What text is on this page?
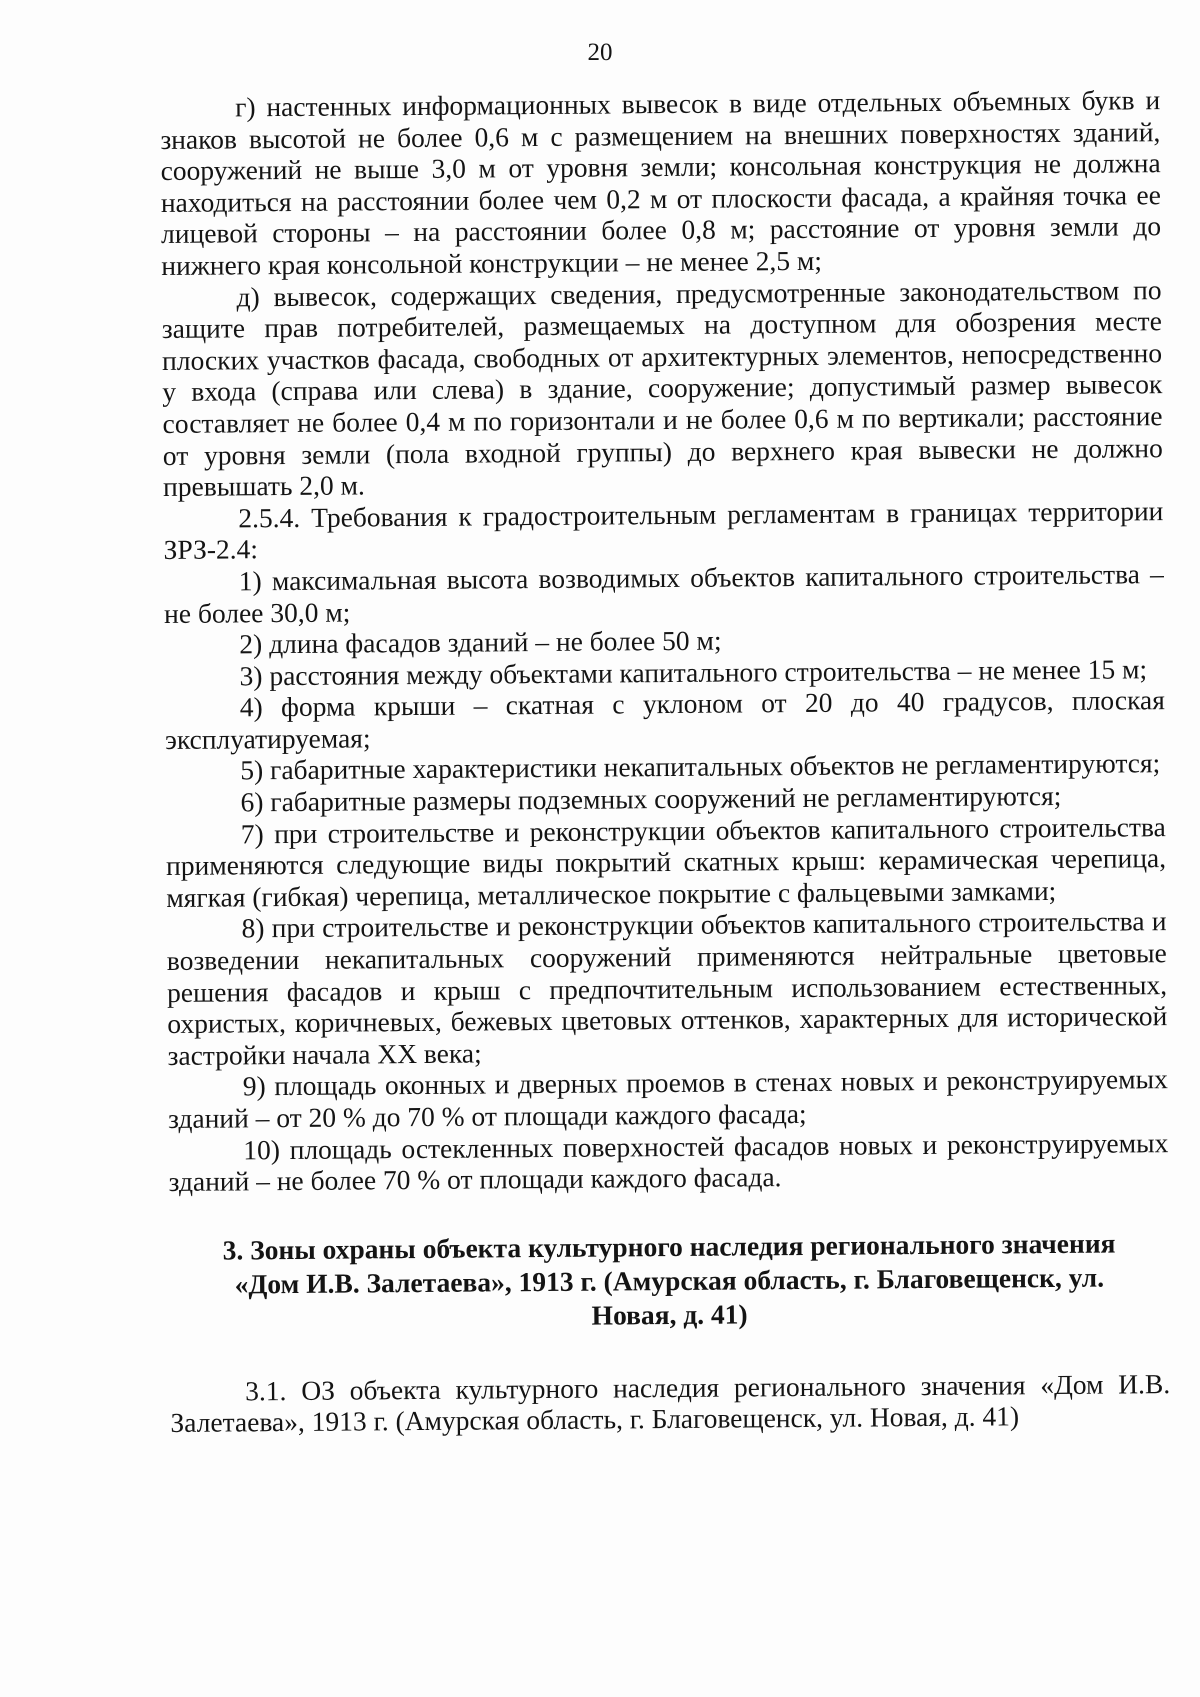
20

г) настенных информационных вывесок в виде отдельных объемных букв и знаков высотой не более 0,6 м с размещением на внешних поверхностях зданий, сооружений не выше 3,0 м от уровня земли; консольная конструкция не должна находиться на расстоянии более чем 0,2 м от плоскости фасада, а крайняя точка ее лицевой стороны – на расстоянии более 0,8 м; расстояние от уровня земли до нижнего края консольной конструкции – не менее 2,5 м;

д) вывесок, содержащих сведения, предусмотренные законодательством по защите прав потребителей, размещаемых на доступном для обозрения месте плоских участков фасада, свободных от архитектурных элементов, непосредственно у входа (справа или слева) в здание, сооружение; допустимый размер вывесок составляет не более 0,4 м по горизонтали и не более 0,6 м по вертикали; расстояние от уровня земли (пола входной группы) до верхнего края вывески не должно превышать 2,0 м.

2.5.4. Требования к градостроительным регламентам в границах территории ЗРЗ-2.4:

1) максимальная высота возводимых объектов капитального строительства – не более 30,0 м;

2) длина фасадов зданий – не более 50 м;

3) расстояния между объектами капитального строительства – не менее 15 м;

4) форма крыши – скатная с уклоном от 20 до 40 градусов, плоская эксплуатируемая;

5) габаритные характеристики некапитальных объектов не регламентируются;

6) габаритные размеры подземных сооружений не регламентируются;

7) при строительстве и реконструкции объектов капитального строительства применяются следующие виды покрытий скатных крыш: керамическая черепица, мягкая (гибкая) черепица, металлическое покрытие с фальцевыми замками;

8) при строительстве и реконструкции объектов капитального строительства и возведении некапитальных сооружений применяются нейтральные цветовые решения фасадов и крыш с предпочтительным использованием естественных, охристых, коричневых, бежевых цветовых оттенков, характерных для исторической застройки начала XX века;

9) площадь оконных и дверных проемов в стенах новых и реконструируемых зданий – от 20 % до 70 % от площади каждого фасада;

10) площадь остекленных поверхностей фасадов новых и реконструируемых зданий – не более 70 % от площади каждого фасада.

3. Зоны охраны объекта культурного наследия регионального значения «Дом И.В. Залетаева», 1913 г. (Амурская область, г. Благовещенск, ул. Новая, д. 41)

3.1. ОЗ объекта культурного наследия регионального значения «Дом И.В. Залетаева», 1913 г. (Амурская область, г. Благовещенск, ул. Новая, д. 41)
